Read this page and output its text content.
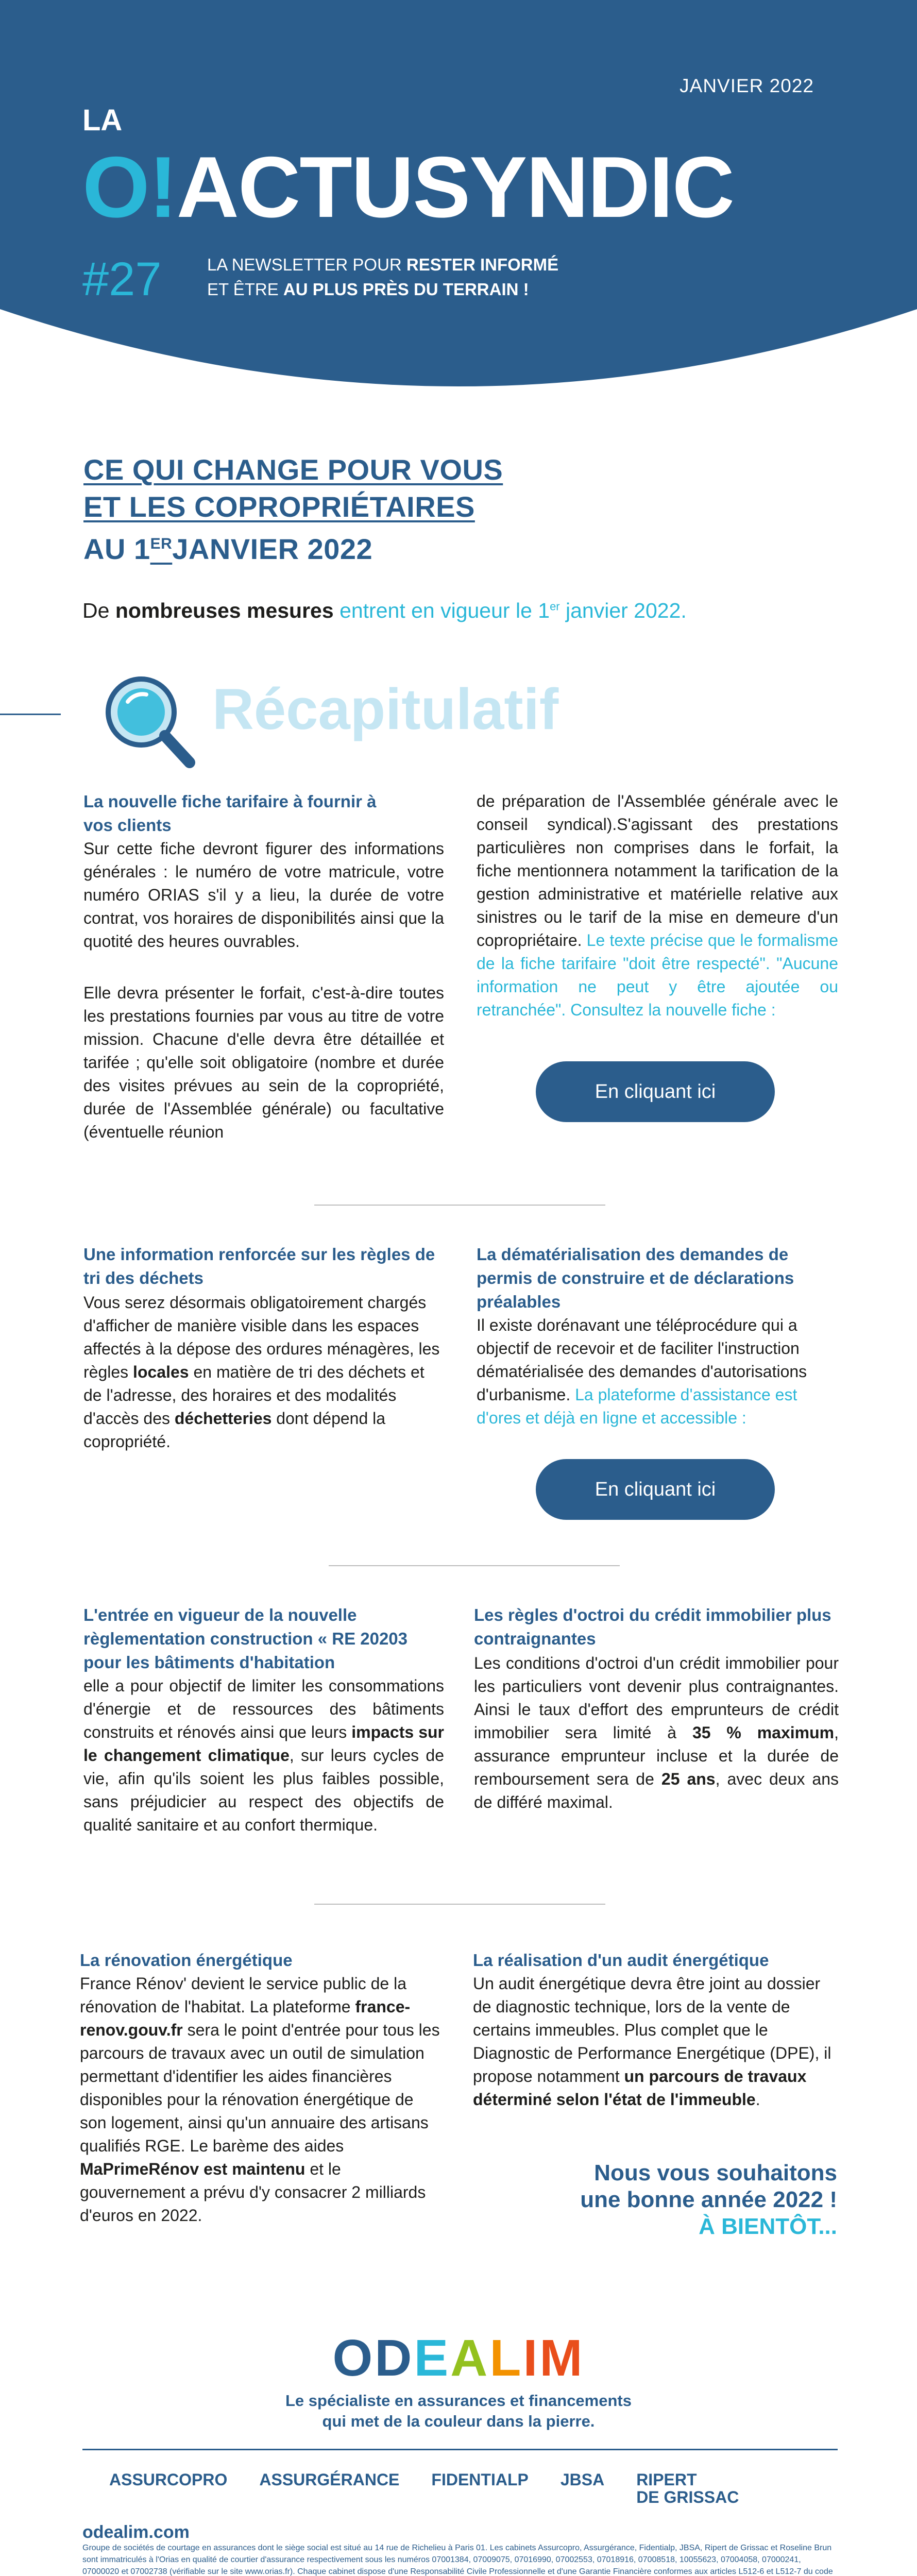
JANVIER 2022
LA
O!ACTUSYNDIC
#27	LA NEWSLETTER POUR RESTER INFORMÉ
ET ÊTRE AU PLUS PRÈS DU TERRAIN !
CE QUI CHANGE POUR VOUS
ET LES COPROPRIÉTAIRES
AU 1ERJANVIER 2022
De nombreuses mesures entrent en vigueur le 1er janvier 2022.
Récapitulatif
La nouvelle fiche tarifaire à fournir à vos clients
Sur cette fiche devront figurer des informations générales : le numéro de votre matricule, votre numéro ORIAS s'il y a lieu, la durée de votre contrat, vos horaires de disponibilités ainsi que la quotité des heures ouvrables.
Elle devra présenter le forfait, c'est-à-dire toutes les prestations fournies par vous au titre de votre mission. Chacune d'elle devra être détaillée et tarifée ; qu'elle soit obligatoire (nombre et durée des visites prévues au sein de la copropriété, durée de l'Assemblée générale) ou facultative (éventuelle réunion
de préparation de l'Assemblée générale avec le conseil syndical).S'agissant des prestations particulières non comprises dans le forfait, la fiche mentionnera notamment la tarification de la gestion administrative et matérielle relative aux sinistres ou le tarif de la mise en demeure d'un copropriétaire. Le texte précise que le formalisme de la fiche tarifaire "doit être respecté". "Aucune information ne peut y être ajoutée ou retranchée". Consultez la nouvelle fiche :
En cliquant ici
Une information renforcée sur les règles de tri des déchets
Vous serez désormais obligatoirement chargés d'afficher de manière visible dans les espaces affectés à la dépose des ordures ménagères, les règles locales en matière de tri des déchets et de l'adresse, des horaires et des modalités d'accès des déchetteries dont dépend la copropriété.
La dématérialisation des demandes de permis de construire et de déclarations préalables
Il existe dorénavant une téléprocédure qui a objectif de recevoir et de faciliter l'instruction dématérialisée des demandes d'autorisations d'urbanisme. La plateforme d'assistance est d'ores et déjà en ligne et accessible :
En cliquant ici
L'entrée en vigueur de la nouvelle règlementation construction « RE 20203 pour les bâtiments d'habitation
elle a pour objectif de limiter les consommations d'énergie et de ressources des bâtiments construits et rénovés ainsi que leurs impacts sur le changement climatique, sur leurs cycles de vie, afin qu'ils soient les plus faibles possible, sans préjudicier au respect des objectifs de qualité sanitaire et au confort thermique.
Les règles d'octroi du crédit immobilier plus contraignantes
Les conditions d'octroi d'un crédit immobilier pour les particuliers vont devenir plus contraignantes. Ainsi le taux d'effort des emprunteurs de crédit immobilier sera limité à 35 % maximum, assurance emprunteur incluse et la durée de remboursement sera de 25 ans, avec deux ans de différé maximal.
La rénovation énergétique
France Rénov' devient le service public de la rénovation de l'habitat. La plateforme france-renov.gouv.fr sera le point d'entrée pour tous les parcours de travaux avec un outil de simulation permettant d'identifier les aides financières disponibles pour la rénovation énergétique de son logement, ainsi qu'un annuaire des artisans qualifiés RGE. Le barème des aides MaPrimeRénov est maintenu et le gouvernement a prévu d'y consacrer 2 milliards d'euros en 2022.
La réalisation d'un audit énergétique
Un audit énergétique devra être joint au dossier de diagnostic technique, lors de la vente de certains immeubles. Plus complet que le Diagnostic de Performance Energétique (DPE), il propose notamment un parcours de travaux déterminé selon l'état de l'immeuble.
Nous vous souhaitons
une bonne année 2022 !
À BIENTÔT...
ODEALIM
Le spécialiste en assurances et financements
qui met de la couleur dans la pierre.
ASSURCOPRO ASSURGÉRANCE FIDENTIALP JBSA RIPERT
DE GRISSAC
odealim.com
Groupe de sociétés de courtage en assurances dont le siège social est situé au 14 rue de Richelieu à Paris 01. Les cabinets Assurcopro, Assurgérance, Fidentialp, JBSA, Ripert de Grissac et Roseline Brun sont immatriculés à l'Orias en qualité de courtier d'assurance respectivement sous les numéros 07001384, 07009075, 07016990, 07002553, 07018916, 07008518, 10055623, 07004058, 07000241, 07000020 et 07002738 (vérifiable sur le site www.orias.fr). Chaque cabinet dispose d'une Responsabilité Civile Professionnelle et d'une Garantie Financière conformes aux articles L512-6 et L512-7 du code
